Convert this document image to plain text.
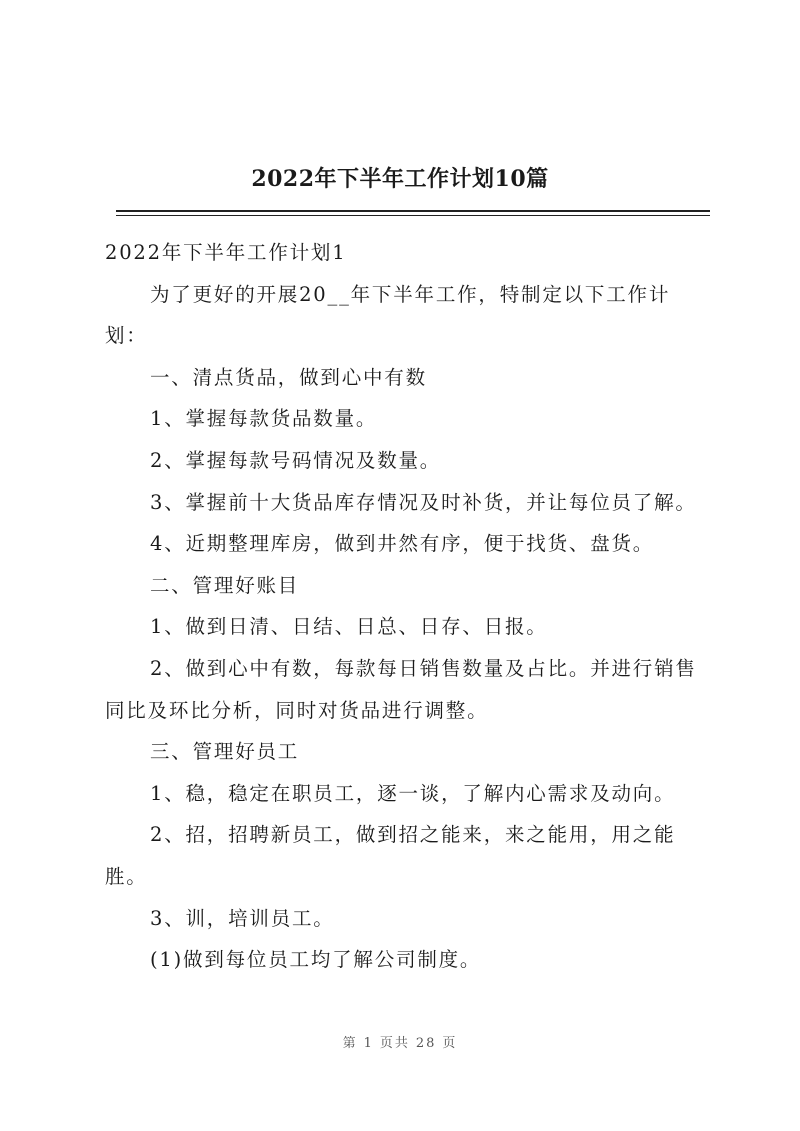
2022年下半年工作计划10篇

2022年下半年工作计划1

为了更好的开展20__年下半年工作，特制定以下工作计划：

一、清点货品，做到心中有数

1、掌握每款货品数量。

2、掌握每款号码情况及数量。

3、掌握前十大货品库存情况及时补货，并让每位员了解。

4、近期整理库房，做到井然有序，便于找货、盘货。

二、管理好账目

1、做到日清、日结、日总、日存、日报。

2、做到心中有数，每款每日销售数量及占比。并进行销售同比及环比分析，同时对货品进行调整。

三、管理好员工

1、稳，稳定在职员工，逐一谈，了解内心需求及动向。

2、招，招聘新员工，做到招之能来，来之能用，用之能胜。

3、训，培训员工。

(1)做到每位员工均了解公司制度。

第 1 页共 28 页
